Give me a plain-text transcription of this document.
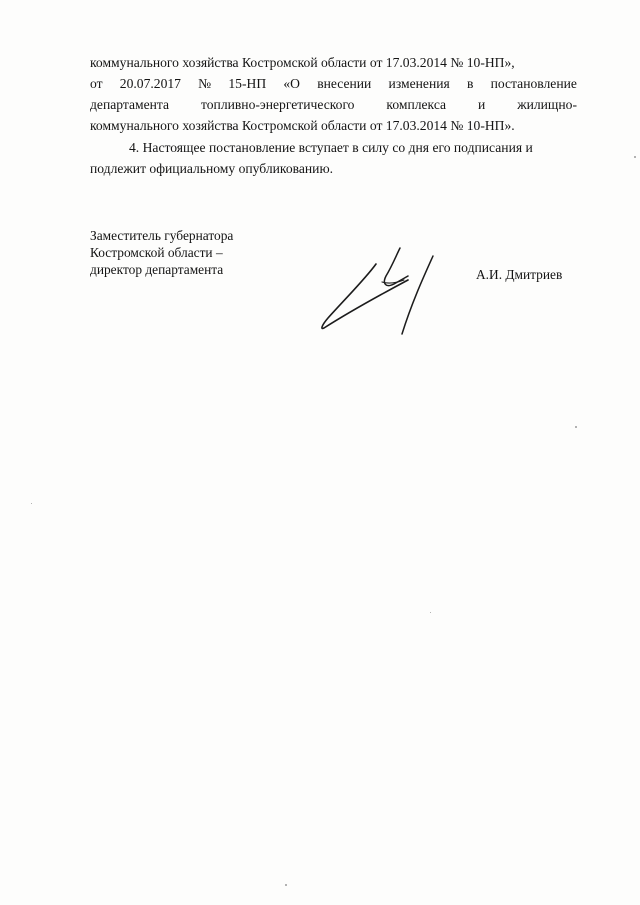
коммунального хозяйства Костромской области от 17.03.2014 № 10-НП»,
от 20.07.2017 № 15-НП «О внесении изменения в постановление
департамента топливно-энергетического комплекса и жилищно-
коммунального хозяйства Костромской области от 17.03.2014 № 10-НП».
4. Настоящее постановление вступает в силу со дня его подписания и
подлежит официальному опубликованию.
Заместитель губернатора
Костромской области –
директор департамента	А.И. Дмитриев
